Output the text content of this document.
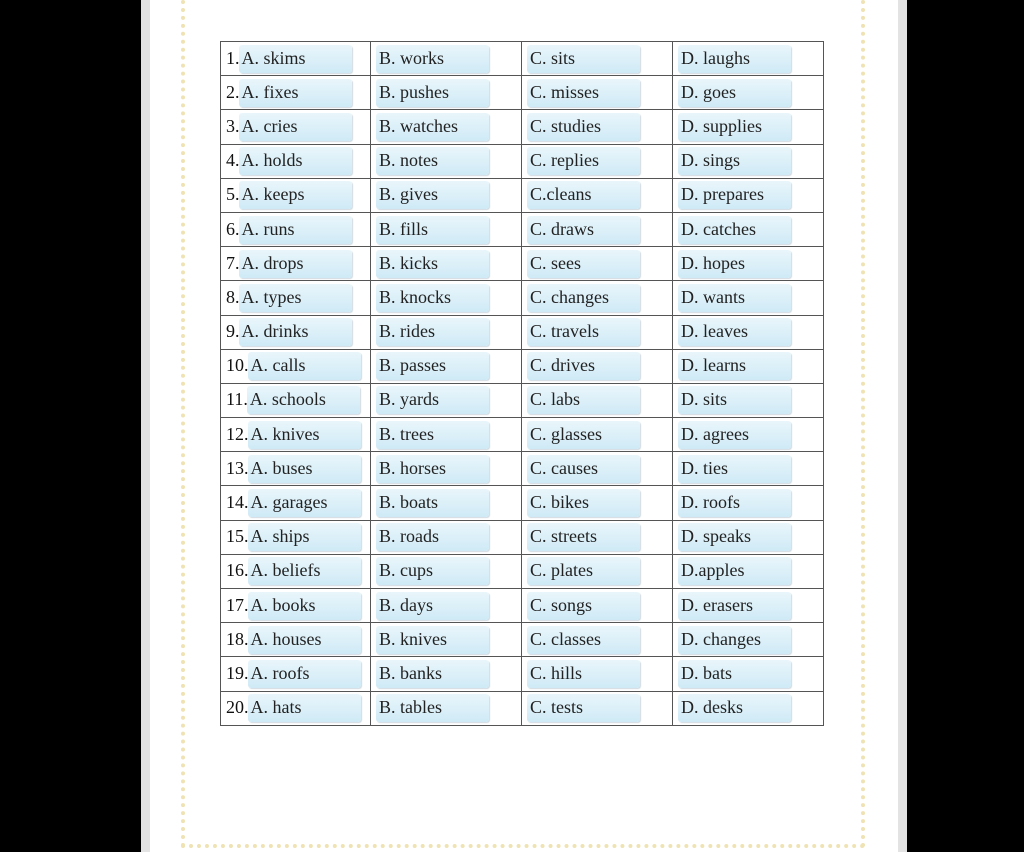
1. A. skims	B. works	C. sits	D. laughs
2. A. fixes	B. pushes	C. misses	D. goes
3. A. cries	B. watches	C. studies	D. supplies
4. A. holds	B. notes	C. replies	D. sings
5. A. keeps	B. gives	C.cleans	D. prepares
6. A. runs	B. fills	C. draws	D. catches
7. A. drops	B. kicks	C. sees	D. hopes
8. A. types	B. knocks	C. changes	D. wants
9. A. drinks	B. rides	C. travels	D. leaves
10. A. calls	B. passes	C. drives	D. learns
11. A. schools	B. yards	C. labs	D. sits
12. A. knives	B. trees	C. glasses	D. agrees
13. A. buses	B. horses	C. causes	D. ties
14. A. garages	B. boats	C. bikes	D. roofs
15. A. ships	B. roads	C. streets	D. speaks
16. A. beliefs	B. cups	C. plates	D.apples
17. A. books	B. days	C. songs	D. erasers
18. A. houses	B. knives	C. classes	D. changes
19. A. roofs	B. banks	C. hills	D. bats
20. A. hats	B. tables	C. tests	D. desks
